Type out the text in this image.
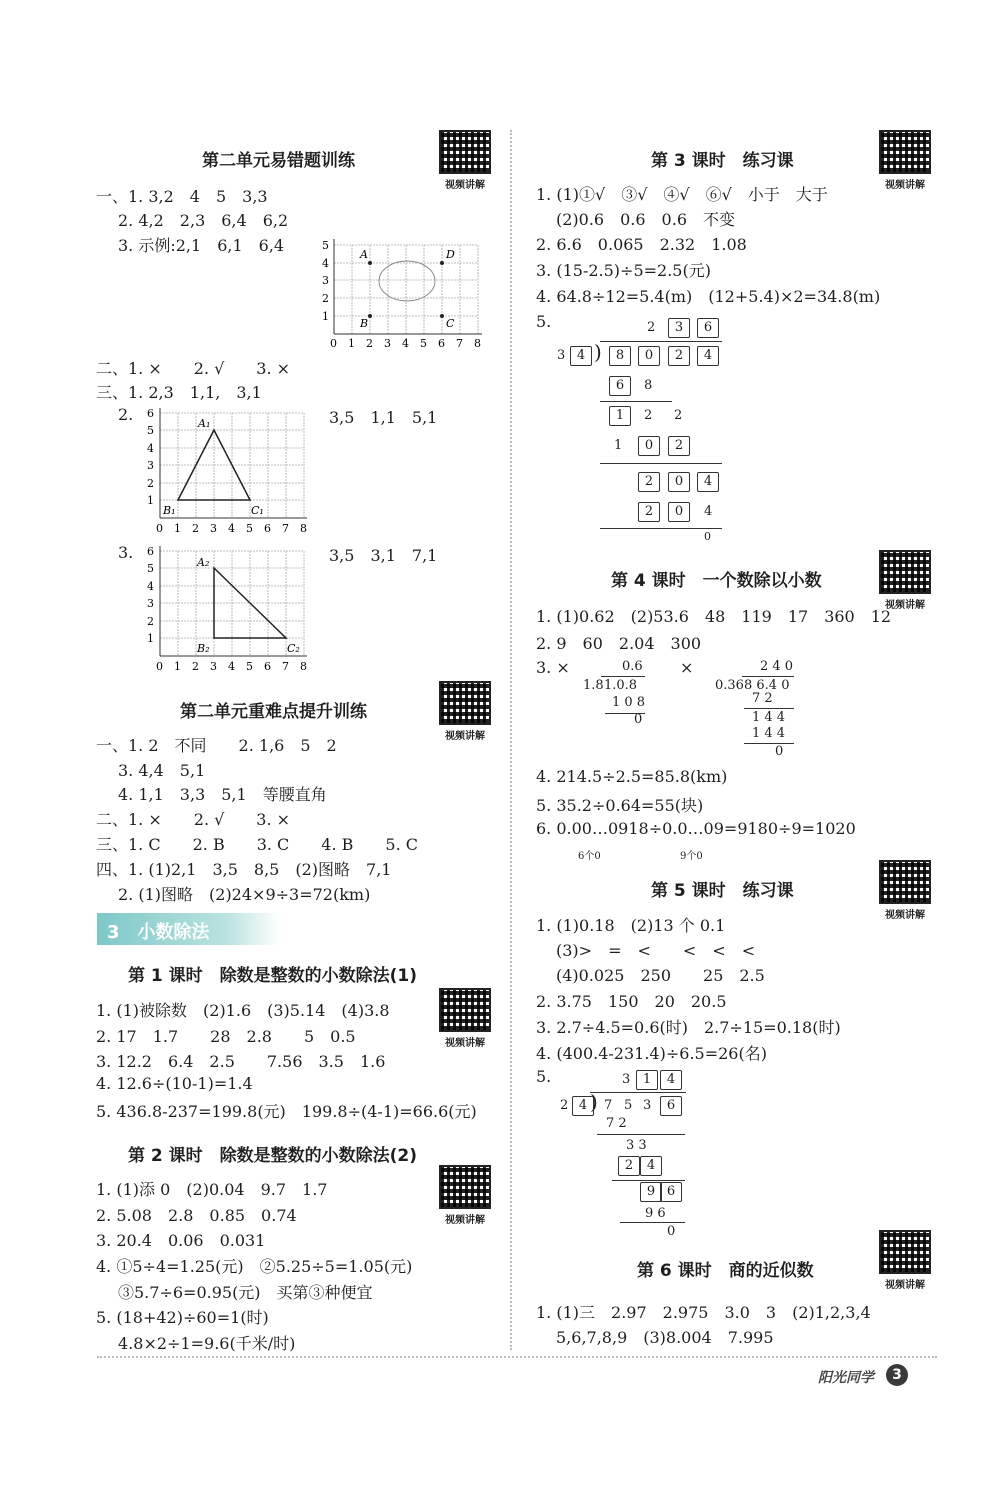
视频讲解	视频讲解
视频讲解
视频讲解
视频讲解
视频讲解
视频讲解
视频讲解
第二单元易错题训练
一、1. 3,2　4　5　3,3
2. 4,2　2,3　6,4　6,2
3. 示例:2,1　6,1　6,4	A	D
B	C
0 1 2 3 4 5 6 7 8
1
2
3
4
5
二、1. ×　　2. √　　3. ×
三、1. 2,3　1,1,　3,1
2.	3,5　1,1　5,1
A₁
B₁	C₁
0 1 2 3 4 5 6 7 8
1
2
3
4
5
6
3.	3,5　3,1　7,1
A₂
B₂	C₂
0 1 2 3 4 5 6 7 8
1
2
3
4
5
6
第二单元重难点提升训练
一、1. 2　不同　　2. 1,6　5　2
3. 4,4　5,1
4. 1,1　3,3　5,1　等腰直角
二、1. ×　　2. √　　3. ×
三、1. C　　2. B　　3. C　　4. B　　5. C
四、1. (1)2,1　3,5　8,5　(2)图略　7,1
2. (1)图略　(2)24×9÷3=72(km)
3　小数除法
第 1 课时　除数是整数的小数除法(1)
1. (1)被除数　(2)1.6　(3)5.14　(4)3.8
2. 17　1.7　　28　2.8　　5　0.5
3. 12.2　6.4　2.5　　7.56　3.5　1.6
4. 12.6÷(10-1)=1.4
5. 436.8-237=199.8(元)　199.8÷(4-1)=66.6(元)
第 2 课时　除数是整数的小数除法(2)
1. (1)添 0　(2)0.04　9.7　1.7
2. 5.08　2.8　0.85　0.74
3. 20.4　0.06　0.031
4. ①5÷4=1.25(元)　②5.25÷5=1.05(元)
③5.7÷6=0.95(元)　买第③种便宜
5. (18+42)÷60=1(时)
4.8×2÷1=9.6(千米/时)
第 3 课时　练习课
1. (1)①√　③√　④√　⑥√　小于　大于
(2)0.6　0.6　0.6　不变
2. 6.6　0.065　2.32　1.08
3. (15-2.5)÷5=2.5(元)
4. 64.8÷12=5.4(m)　(12+5.4)×2=34.8(m)
5.	2	3	6
3 4 )	8	0	2	4
6	8
1	2 2
1	0	2
2	0	4
2	0	4
0
第 4 课时　一个数除以小数
1. (1)0.62　(2)53.6　48　119　17　360　12
2. 9　60　2.04　300
3. ×	×
0.6
1.8 1.0.8
1 0 8
0
2 4 0
0.36 8 6.4 0
7 2
1 4 4
1 4 4
0
4. 214.5÷2.5=85.8(km)
5. 35.2÷0.64=55(块)
6. 0.00…0918÷0.0…09=9180÷9=1020
6个0	9个0
第 5 课时　练习课
1. (1)0.18　(2)13 个 0.1
(3)>　=　<　　<　<　<
(4)0.025　250　　25　2.5
2. 3.75　150　20　20.5
3. 2.7÷4.5=0.6(时)　2.7÷15=0.18(时)
4. (400.4-231.4)÷6.5=26(名)
5.	3 1	4
2 4 ) 7 5 3	6
7 2
3 3
2	4
9 6
9 6
0
第 6 课时　商的近似数
1. (1)三　2.97　2.975　3.0　3　(2)1,2,3,4
5,6,7,8,9　(3)8.004　7.995
阳光同学	3
